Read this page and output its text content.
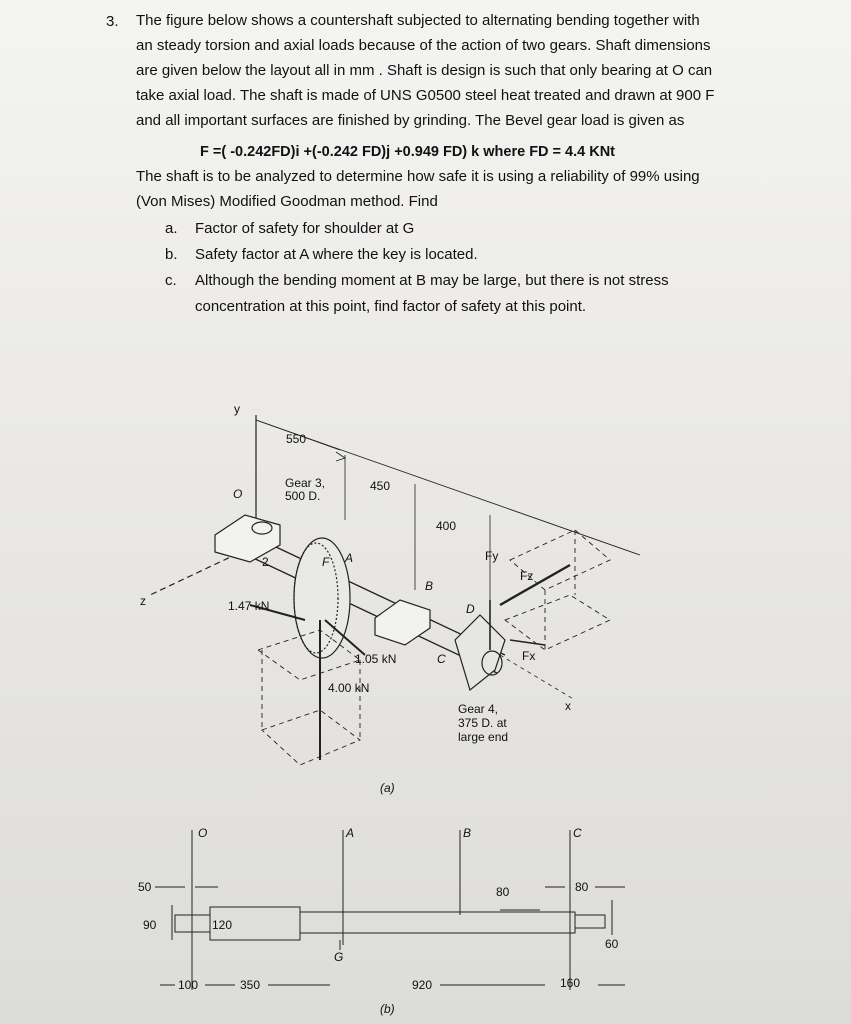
3. The figure below shows a countershaft subjected to alternating bending together with
an steady torsion and axial loads because of the action of two gears. Shaft dimensions
are given below the layout all in mm . Shaft is design is such that only bearing at O can
take axial load. The shaft is made of UNS G0500 steel heat treated and drawn at 900 F
and all important surfaces are finished by grinding. The Bevel gear load is given as

F =( -0.242FD)i +(-0.242 FD)j +0.949 FD) k where FD = 4.4 KNt

The shaft is to be analyzed to determine how safe it is using a reliability of 99% using
(Von Mises) Modified Goodman method. Find

a.	Factor of safety for shoulder at G
b.	Safety factor at A where the key is located.
c.	Although the bending moment at B may be large, but there is not stress
concentration at this point, find factor of safety at this point.
y
z
x
550
450
400
Gear 3,
500 D.
O
A
B
C
D
F
2
1.47 kN
1.05 kN
4.00 kN
Fy
Fz
Fx
Gear 4,
375 D. at
large end
(a)
O	A	B	C
G
50
90	120
80	80
60
100	350	920	160
(b)
